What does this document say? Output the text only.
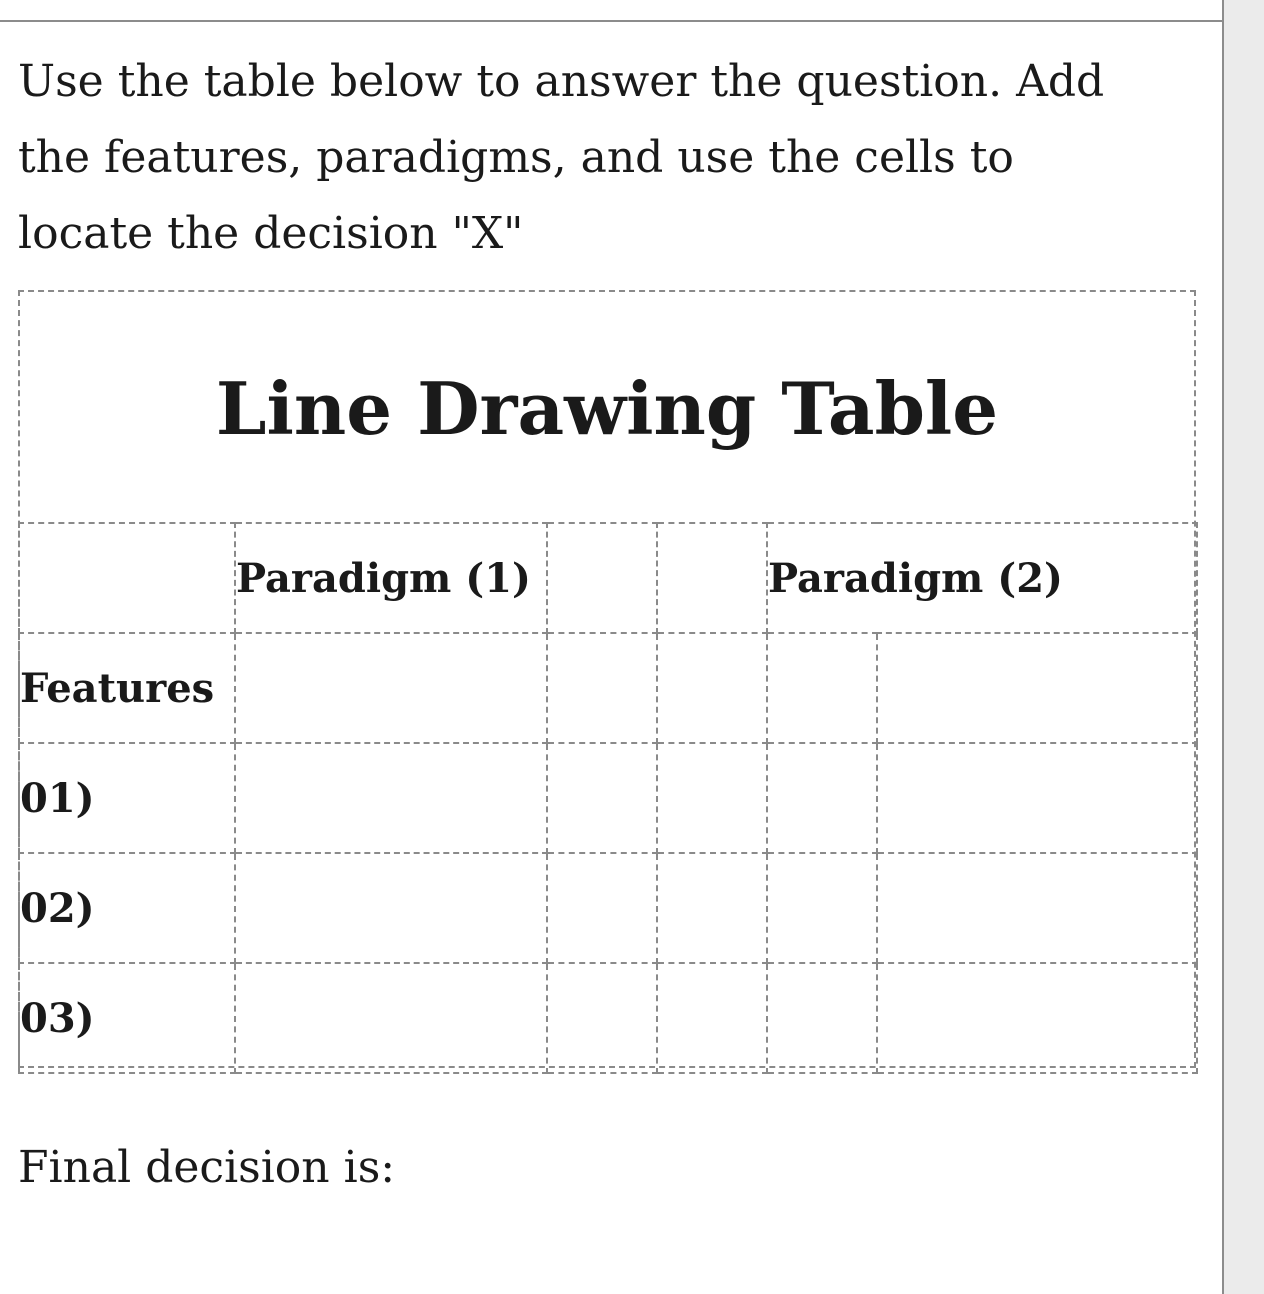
Use the table below to answer the question. Add
the features, paradigms, and use the cells to
locate the decision "X"

Line Drawing Table
	Paradigm (1)			Paradigm (2)	
Features					
01)					
02)					
03)					

Final decision is:
